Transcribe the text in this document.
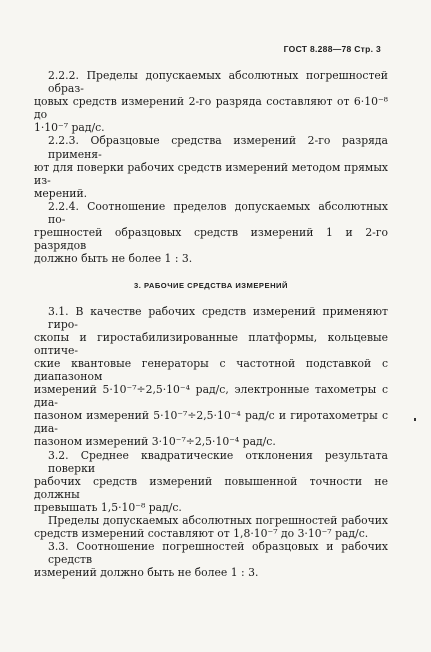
ГОСТ 8.288—78 Стр. 3
2.2.2. Пределы допускаемых абсолютных погрешностей образ-
цовых средств измерений 2-го разряда составляют от 6·10⁻⁸ до
1·10⁻⁷ рад/с.
2.2.3. Образцовые средства измерений 2-го разряда применя-
ют для поверки рабочих средств измерений методом прямых из-
мерений.
2.2.4. Соотношение пределов допускаемых абсолютных по-
грешностей образцовых средств измерений 1 и 2-го разрядов
должно быть не более 1 : 3.
3. РАБОЧИЕ СРЕДСТВА ИЗМЕРЕНИЙ
3.1. В качестве рабочих средств измерений применяют гиро-
скопы и гиростабилизированные платформы, кольцевые оптиче-
ские квантовые генераторы с частотной подставкой с диапазоном
измерений 5·10⁻⁷÷2,5·10⁻⁴ рад/с, электронные тахометры с диа-
пазоном измерений 5·10⁻⁷÷2,5·10⁻⁴ рад/с и гиротахометры с диа-
пазоном измерений 3·10⁻⁷÷2,5·10⁻⁴ рад/с.
3.2. Среднее квадратические отклонения результата поверки
рабочих средств измерений повышенной точности не должны
превышать 1,5·10⁻⁸ рад/с.
Пределы допускаемых абсолютных погрешностей рабочих
средств измерений составляют от 1,8·10⁻⁷ до 3·10⁻⁷ рад/с.
3.3. Соотношение погрешностей образцовых и рабочих средств
измерений должно быть не более 1 : 3.
